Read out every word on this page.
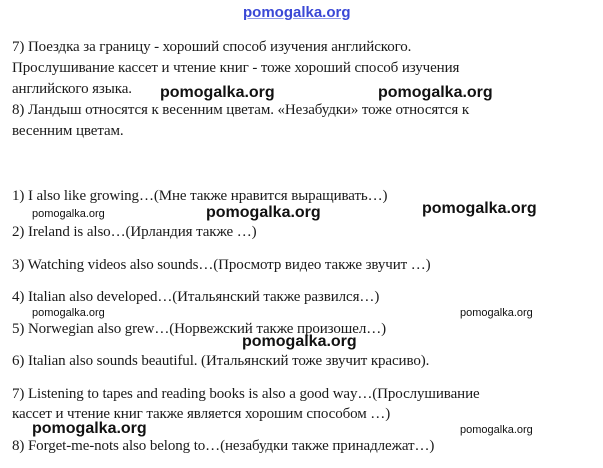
pomogalka.org
7) Поездка за границу - хороший способ изучения английского.
Прослушивание кассет и чтение книг - тоже хороший способ изучения
английского языка.
8) Ландыш относятся к весенним цветам. «Незабудки» тоже относятся к
весенним цветам.
1) I also like growing…(Мне также нравится выращивать…)
2) Ireland is also…(Ирландия также …)
3) Watching videos also sounds…(Просмотр видео также звучит …)
4) Italian also developed…(Итальянский также развился…)
5) Norwegian also grew…(Норвежский также произошел…)
6) Italian also sounds beautiful. (Итальянский тоже звучит красиво).
7) Listening to tapes and reading books is also a good way…(Прослушивание
кассет и чтение книг также является хорошим способом …)
8) Forget-me-nots also belong to…(незабудки также принадлежат…)
pomogalka.org	pomogalka.org
pomogalka.org	pomogalka.org	pomogalka.org
pomogalka.org	pomogalka.org
pomogalka.org
pomogalka.org	pomogalka.org
